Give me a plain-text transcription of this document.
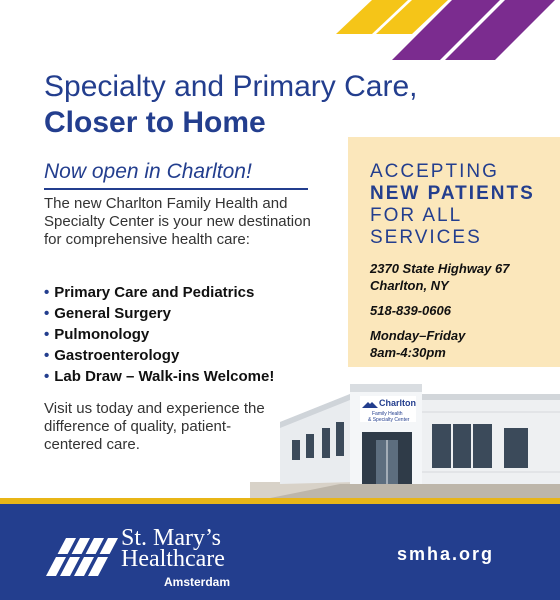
Specialty and Primary Care,
Closer to Home
ACCEPTING
NEW PATIENTS
FOR ALL
SERVICES
2370 State Highway 67
Charlton, NY
518-839-0606
Monday–Friday
8am-4:30pm
Now open in Charlton!
The new Charlton Family Health and Specialty Center is your new destination for comprehensive health care:
• Primary Care and Pediatrics
• General Surgery
• Pulmonology
• Gastroenterology
• Lab Draw – Walk-ins Welcome!
Visit us today and experience the difference of quality, patient-centered care.
Charlton
Family Health
& Specialty Center
St. Mary’s
Healthcare
Amsterdam
smha.org
